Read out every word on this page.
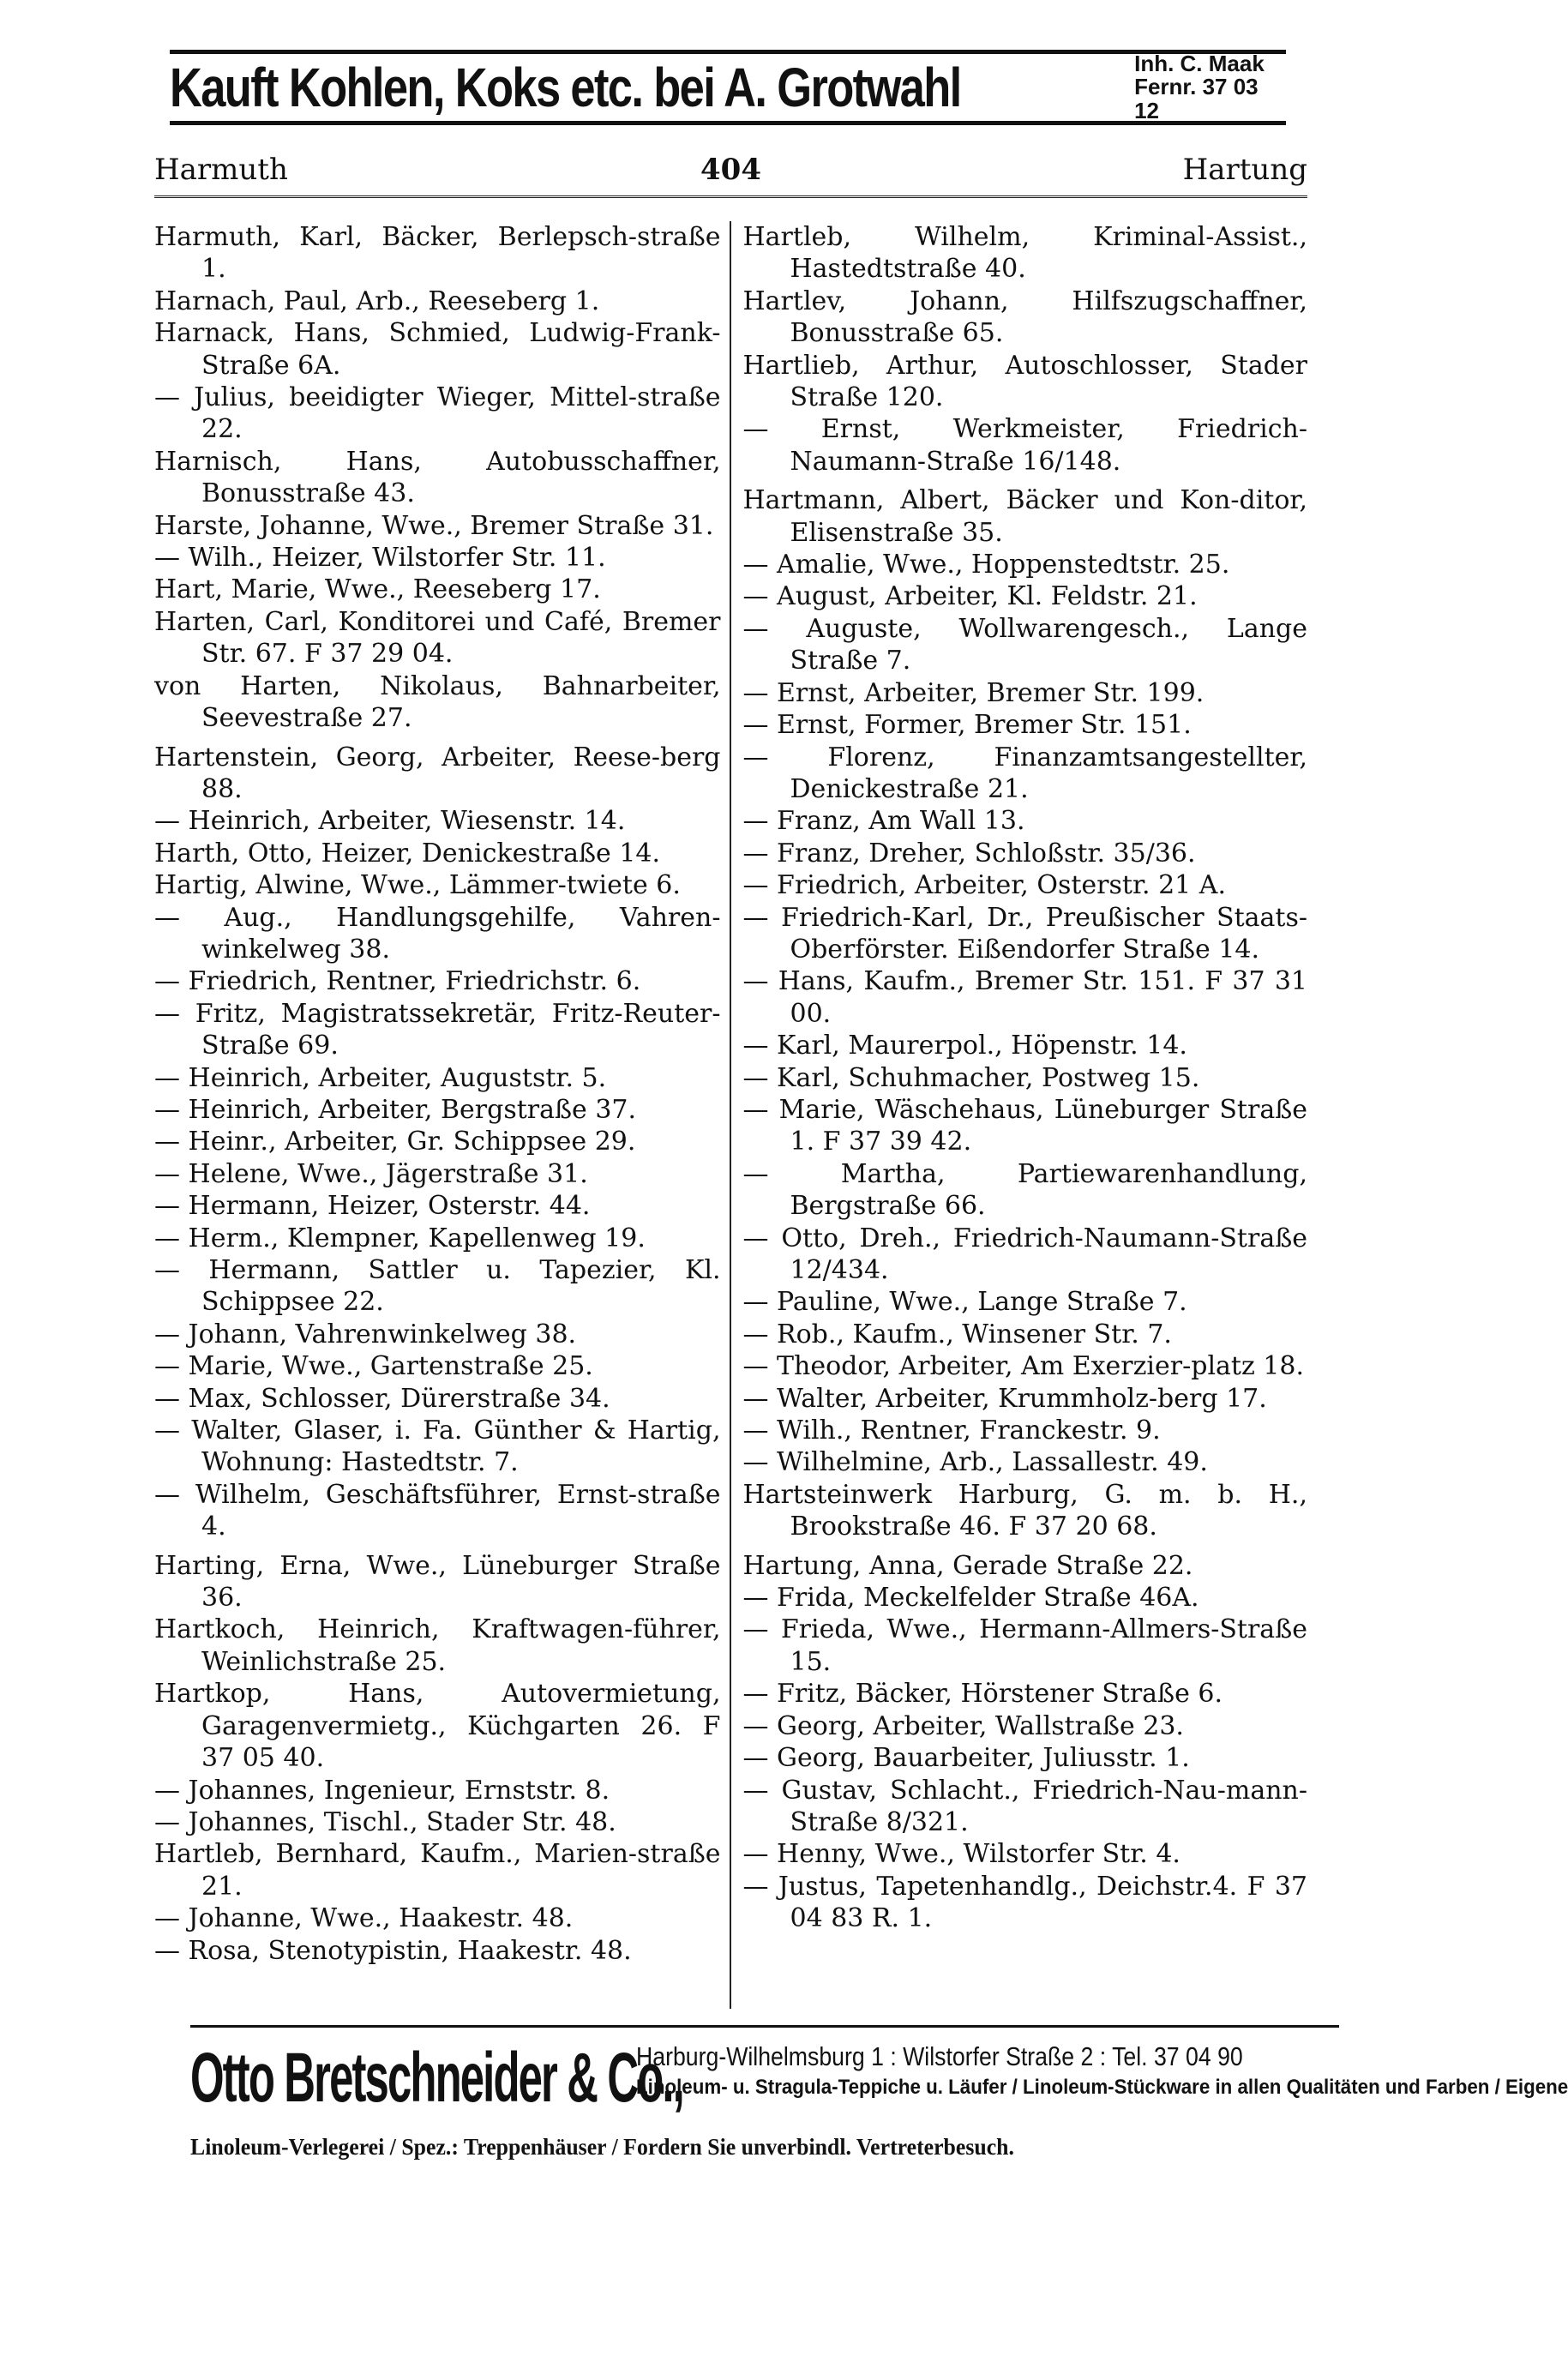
Kauft Kohlen, Koks etc. bei A. Grotwahl	Inh. C. Maak
Fernr. 37 03 12
404
Harmuth	Hartung

Harmuth, Karl, Bäcker, Berlepsch-straße 1.

Harnach, Paul, Arb., Reeseberg 1.

Harnack, Hans, Schmied, Ludwig-Frank-Straße 6A.

— Julius, beeidigter Wieger, Mittel-straße 22.

Harnisch, Hans, Autobusschaffner, Bonusstraße 43.

Harste, Johanne, Wwe., Bremer Straße 31.

— Wilh., Heizer, Wilstorfer Str. 11.

Hart, Marie, Wwe., Reeseberg 17.

Harten, Carl, Konditorei und Café, Bremer Str. 67. F 37 29 04.

von Harten, Nikolaus, Bahnarbeiter, Seevestraße 27.

Hartenstein, Georg, Arbeiter, Reese-berg 88.

— Heinrich, Arbeiter, Wiesenstr. 14.

Harth, Otto, Heizer, Denickestraße 14.

Hartig, Alwine, Wwe., Lämmer-twiete 6.

— Aug., Handlungsgehilfe, Vahren-winkelweg 38.

— Friedrich, Rentner, Friedrichstr. 6.

— Fritz, Magistratssekretär, Fritz-Reuter-Straße 69.

— Heinrich, Arbeiter, Auguststr. 5.

— Heinrich, Arbeiter, Bergstraße 37.

— Heinr., Arbeiter, Gr. Schippsee 29.

— Helene, Wwe., Jägerstraße 31.

— Hermann, Heizer, Osterstr. 44.

— Herm., Klempner, Kapellenweg 19.

— Hermann, Sattler u. Tapezier, Kl. Schippsee 22.

— Johann, Vahrenwinkelweg 38.

— Marie, Wwe., Gartenstraße 25.

— Max, Schlosser, Dürerstraße 34.

— Walter, Glaser, i. Fa. Günther & Hartig, Wohnung: Hastedtstr. 7.

— Wilhelm, Geschäftsführer, Ernst-straße 4.

Harting, Erna, Wwe., Lüneburger Straße 36.

Hartkoch, Heinrich, Kraftwagen-führer, Weinlichstraße 25.

Hartkop, Hans, Autovermietung, Garagenvermietg., Küchgarten 26. F 37 05 40.

— Johannes, Ingenieur, Ernststr. 8.

— Johannes, Tischl., Stader Str. 48.

Hartleb, Bernhard, Kaufm., Marien-straße 21.

— Johanne, Wwe., Haakestr. 48.

— Rosa, Stenotypistin, Haakestr. 48.

Hartleb, Wilhelm, Kriminal-Assist., Hastedtstraße 40.

Hartlev, Johann, Hilfszugschaffner, Bonusstraße 65.

Hartlieb, Arthur, Autoschlosser, Stader Straße 120.

— Ernst, Werkmeister, Friedrich-Naumann-Straße 16/148.

Hartmann, Albert, Bäcker und Kon-ditor, Elisenstraße 35.

— Amalie, Wwe., Hoppenstedtstr. 25.

— August, Arbeiter, Kl. Feldstr. 21.

— Auguste, Wollwarengesch., Lange Straße 7.

— Ernst, Arbeiter, Bremer Str. 199.

— Ernst, Former, Bremer Str. 151.

— Florenz, Finanzamtsangestellter, Denickestraße 21.

— Franz, Am Wall 13.

— Franz, Dreher, Schloßstr. 35/36.

— Friedrich, Arbeiter, Osterstr. 21 A.

— Friedrich-Karl, Dr., Preußischer Staats-Oberförster. Eißendorfer Straße 14.

— Hans, Kaufm., Bremer Str. 151. F 37 31 00.

— Karl, Maurerpol., Höpenstr. 14.

— Karl, Schuhmacher, Postweg 15.

— Marie, Wäschehaus, Lüneburger Straße 1. F 37 39 42.

— Martha, Partiewarenhandlung, Bergstraße 66.

— Otto, Dreh., Friedrich-Naumann-Straße 12/434.

— Pauline, Wwe., Lange Straße 7.

— Rob., Kaufm., Winsener Str. 7.

— Theodor, Arbeiter, Am Exerzier-platz 18.

— Walter, Arbeiter, Krummholz-berg 17.

— Wilh., Rentner, Franckestr. 9.

— Wilhelmine, Arb., Lassallestr. 49.

Hartsteinwerk Harburg, G. m. b. H., Brookstraße 46. F 37 20 68.

Hartung, Anna, Gerade Straße 22.

— Frida, Meckelfelder Straße 46A.

— Frieda, Wwe., Hermann-Allmers-Straße 15.

— Fritz, Bäcker, Hörstener Straße 6.

— Georg, Arbeiter, Wallstraße 23.

— Georg, Bauarbeiter, Juliusstr. 1.

— Gustav, Schlacht., Friedrich-Nau-mann-Straße 8/321.

— Henny, Wwe., Wilstorfer Str. 4.

— Justus, Tapetenhandlg., Deichstr.4. F 37 04 83 R. 1.

Otto Bretschneider & Co.,
Harburg-Wilhelmsburg 1 : Wilstorfer Straße 2 : Tel. 37 04 90
Linoleum- u. Stragula-Teppiche u. Läufer / Linoleum-Stückware in allen Qualitäten und Farben / Eigene
Linoleum-Verlegerei / Spez.: Treppenhäuser / Fordern Sie unverbindl. Vertreterbesuch.
